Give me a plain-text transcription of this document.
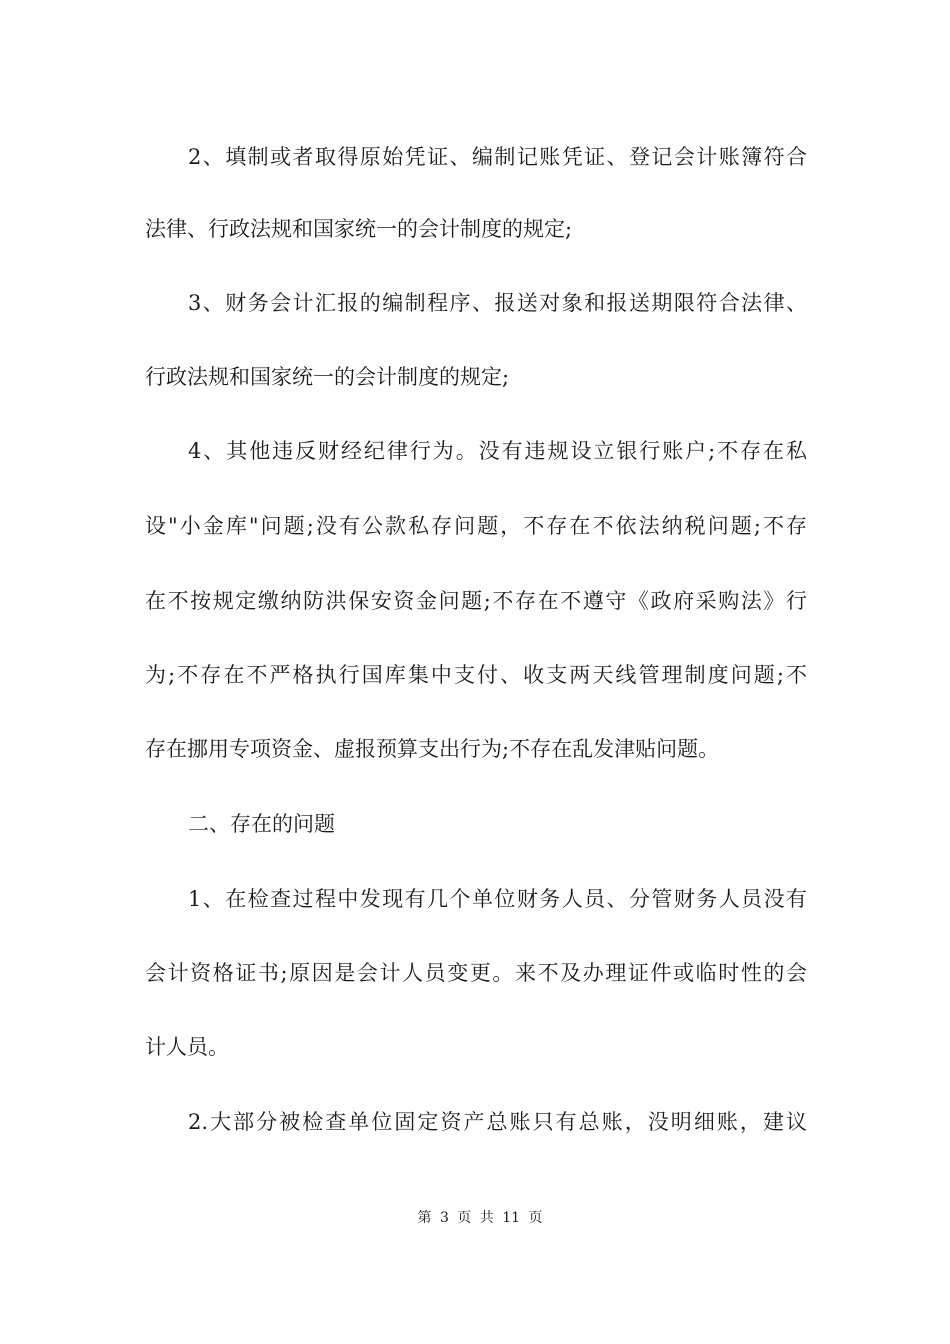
2、填制或者取得原始凭证、编制记账凭证、登记会计账簿符合
法律、行政法规和国家统一的会计制度的规定;
3、财务会计汇报的编制程序、报送对象和报送期限符合法律、
行政法规和国家统一的会计制度的规定;
4、其他违反财经纪律行为。没有违规设立银行账户;不存在私
设"小金库"问题;没有公款私存问题，不存在不依法纳税问题;不存
在不按规定缴纳防洪保安资金问题;不存在不遵守《政府采购法》行
为;不存在不严格执行国库集中支付、收支两天线管理制度问题;不
存在挪用专项资金、虚报预算支出行为;不存在乱发津贴问题。
二、存在的问题
1、在检查过程中发现有几个单位财务人员、分管财务人员没有
会计资格证书;原因是会计人员变更。来不及办理证件或临时性的会
计人员。
2.大部分被检查单位固定资产总账只有总账，没明细账，建议
第 3 页 共 11 页
